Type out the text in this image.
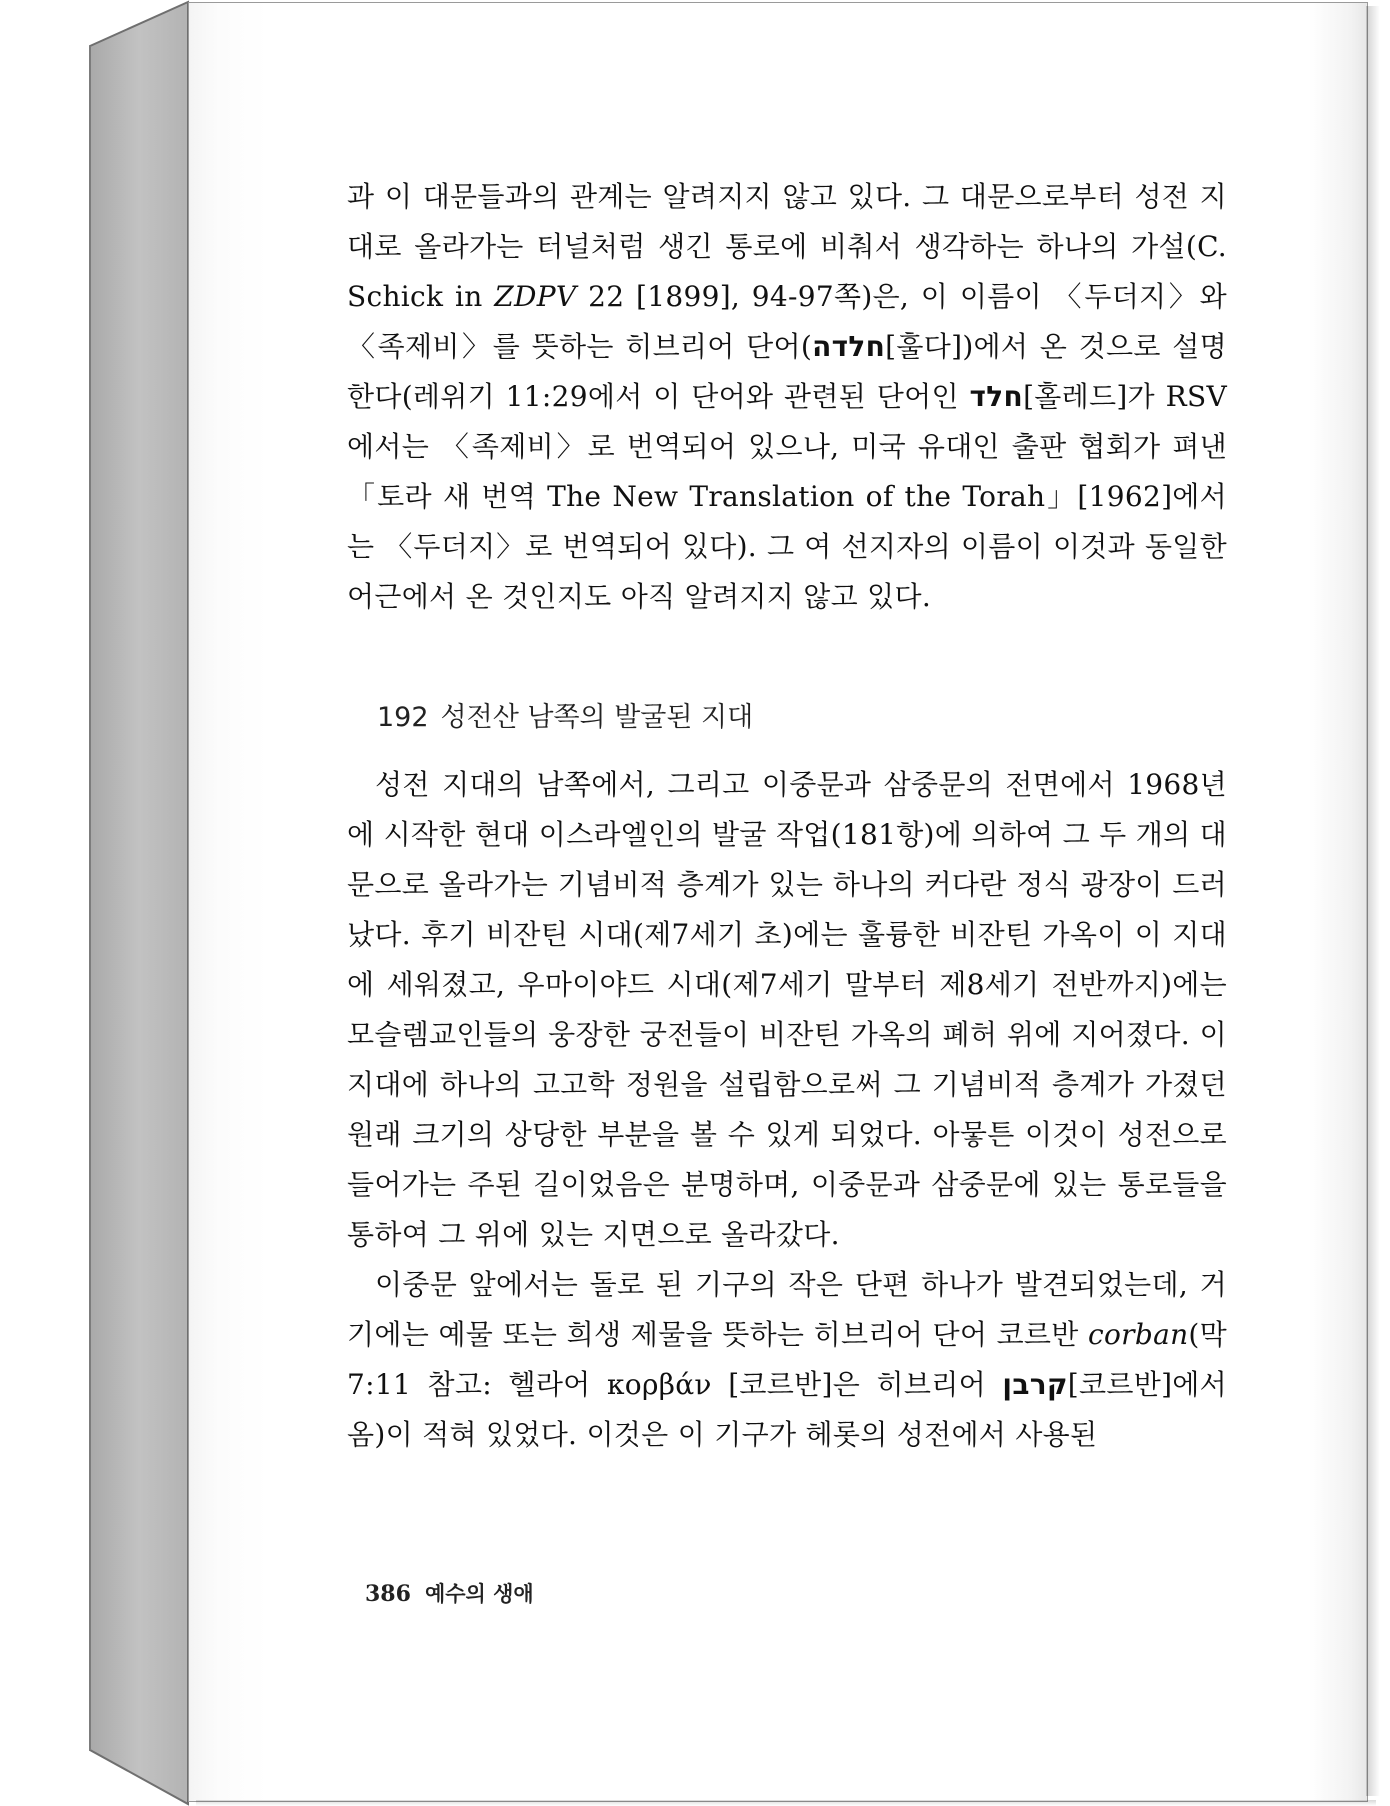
과 이 대문들과의 관계는 알려지지 않고 있다. 그 대문으로부터 성전 지대로 올라가는 터널처럼 생긴 통로에 비춰서 생각하는 하나의 가설(C. Schick in ZDPV 22 [1899], 94-97쪽)은, 이 이름이 〈두더지〉와 〈족제비〉를 뜻하는 히브리어 단어(חלדה[훌다])에서 온 것으로 설명한다(레위기 11:29에서 이 단어와 관련된 단어인 חלד[홀레드]가 RSV에서는 〈족제비〉로 번역되어 있으나, 미국 유대인 출판 협회가 펴낸 「토라 새 번역 The New Translation of the Torah」[1962]에서는 〈두더지〉로 번역되어 있다). 그 여 선지자의 이름이 이것과 동일한 어근에서 온 것인지도 아직 알려지지 않고 있다.

192 성전산 남쪽의 발굴된 지대

성전 지대의 남쪽에서, 그리고 이중문과 삼중문의 전면에서 1968년에 시작한 현대 이스라엘인의 발굴 작업(181항)에 의하여 그 두 개의 대문으로 올라가는 기념비적 층계가 있는 하나의 커다란 정식 광장이 드러났다. 후기 비잔틴 시대(제7세기 초)에는 훌륭한 비잔틴 가옥이 이 지대에 세워졌고, 우마이야드 시대(제7세기 말부터 제8세기 전반까지)에는 모슬렘교인들의 웅장한 궁전들이 비잔틴 가옥의 폐허 위에 지어졌다. 이 지대에 하나의 고고학 정원을 설립함으로써 그 기념비적 층계가 가졌던 원래 크기의 상당한 부분을 볼 수 있게 되었다. 아뭏튼 이것이 성전으로 들어가는 주된 길이었음은 분명하며, 이중문과 삼중문에 있는 통로들을 통하여 그 위에 있는 지면으로 올라갔다.

이중문 앞에서는 돌로 된 기구의 작은 단편 하나가 발견되었는데, 거기에는 예물 또는 희생 제물을 뜻하는 히브리어 단어 코르반 corban(막 7:11 참고: 헬라어 κορβάν [코르반]은 히브리어 קרבן[코르반]에서 옴)이 적혀 있었다. 이것은 이 기구가 헤롯의 성전에서 사용된

386 예수의 생애
